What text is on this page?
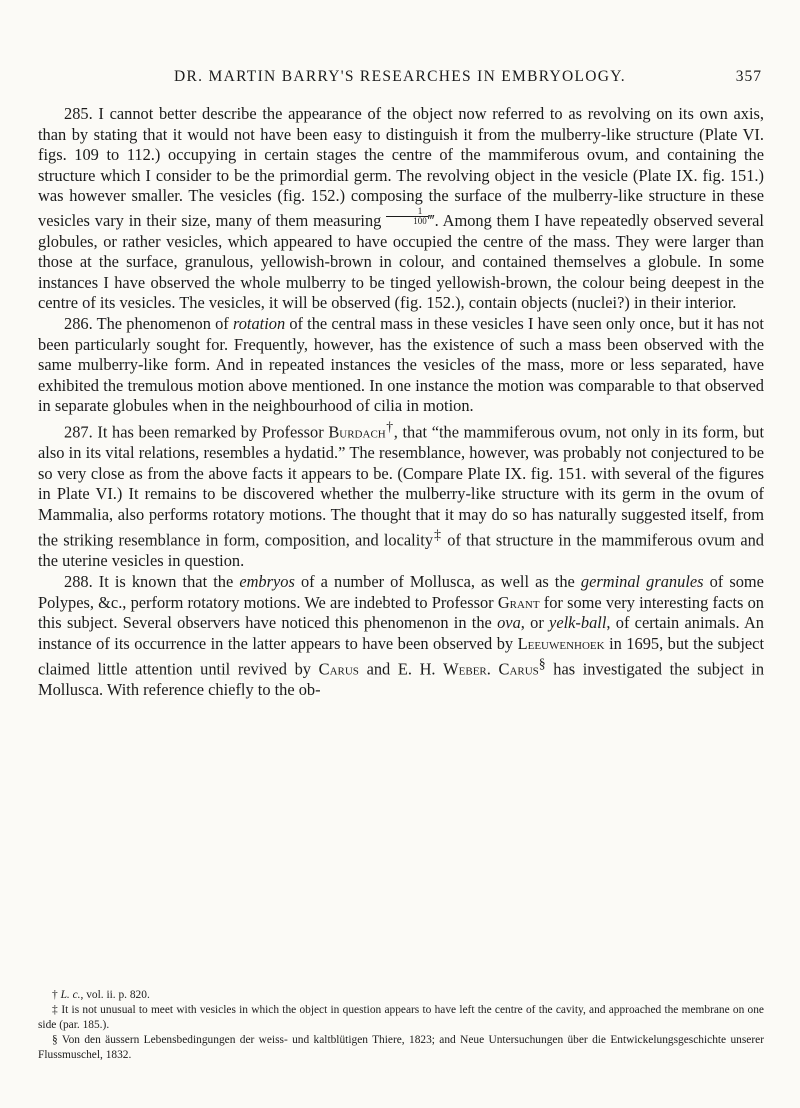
DR. MARTIN BARRY'S RESEARCHES IN EMBRYOLOGY.	357

285. I cannot better describe the appearance of the object now referred to as revolving on its own axis, than by stating that it would not have been easy to distinguish it from the mulberry-like structure (Plate VI. figs. 109 to 112.) occupying in certain stages the centre of the mammiferous ovum, and containing the structure which I consider to be the primordial germ. The revolving object in the vesicle (Plate IX. fig. 151.) was however smaller. The vesicles (fig. 152.) composing the surface of the mulberry-like structure in these vesicles vary in their size, many of them measuring $\frac{1}{100}$ ‴. Among them I have repeatedly observed several globules, or rather vesicles, which appeared to have occupied the centre of the mass. They were larger than those at the surface, granulous, yellowish-brown in colour, and contained themselves a globule. In some instances I have observed the whole mulberry to be tinged yellowish-brown, the colour being deepest in the centre of its vesicles. The vesicles, it will be observed (fig. 152.), contain objects (nuclei?) in their interior.

286. The phenomenon of rotation of the central mass in these vesicles I have seen only once, but it has not been particularly sought for. Frequently, however, has the existence of such a mass been observed with the same mulberry-like form. And in repeated instances the vesicles of the mass, more or less separated, have exhibited the tremulous motion above mentioned. In one instance the motion was comparable to that observed in separate globules when in the neighbourhood of cilia in motion.

287. It has been remarked by Professor Burdach†, that “the mammiferous ovum, not only in its form, but also in its vital relations, resembles a hydatid.” The resemblance, however, was probably not conjectured to be so very close as from the above facts it appears to be. (Compare Plate IX. fig. 151. with several of the figures in Plate VI.) It remains to be discovered whether the mulberry-like structure with its germ in the ovum of Mammalia, also performs rotatory motions. The thought that it may do so has naturally suggested itself, from the striking resemblance in form, composition, and locality‡ of that structure in the mammiferous ovum and the uterine vesicles in question.

288. It is known that the embryos of a number of Mollusca, as well as the germinal granules of some Polypes, &c., perform rotatory motions. We are indebted to Professor Grant for some very interesting facts on this subject. Several observers have noticed this phenomenon in the ova, or yelk-ball, of certain animals. An instance of its occurrence in the latter appears to have been observed by Leeuwenhoek in 1695, but the subject claimed little attention until revived by Carus and E. H. Weber. Carus§ has investigated the subject in Mollusca. With reference chiefly to the ob-

† L. c., vol. ii. p. 820.

‡ It is not unusual to meet with vesicles in which the object in question appears to have left the centre of the cavity, and approached the membrane on one side (par. 185.).

§ Von den äussern Lebensbedingungen der weiss- und kaltblütigen Thiere, 1823; and Neue Untersuchungen über die Entwickelungsgeschichte unserer Flussmuschel, 1832.
